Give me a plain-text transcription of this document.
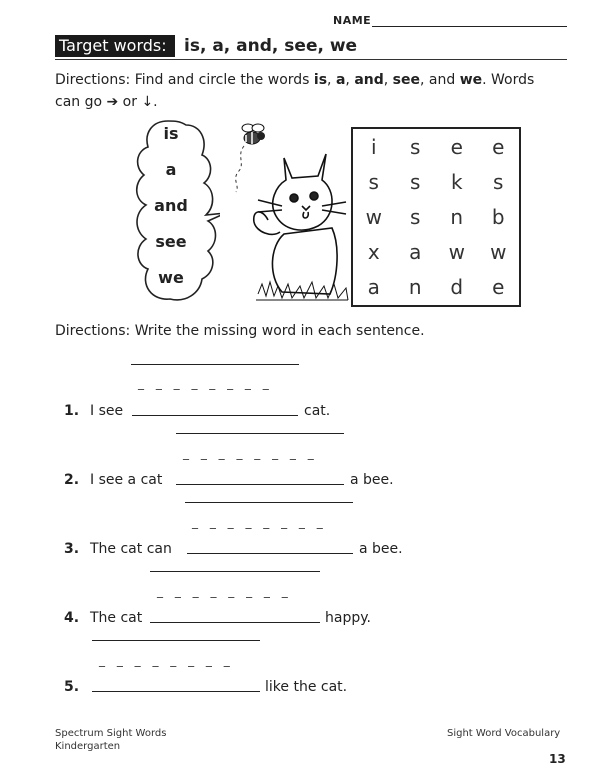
NAME
Target words:	is, a, and, see, we
Directions: Find and circle the words is, a, and, see, and we. Words
can go ➔ or ↓.
is
a
and
see
we
i	s	e	e
s	s	k	s
w	s	n	b
x	a	w	w
a	n	d	e
Directions: Write the missing word in each sentence.
_ _ _ _ _ _ _ _
1. I see	cat.
_ _ _ _ _ _ _ _
2. I see a cat	a bee.
_ _ _ _ _ _ _ _
3. The cat can	a bee.
_ _ _ _ _ _ _ _
4. The cat	happy.
_ _ _ _ _ _ _ _
5.	like the cat.
Spectrum Sight Words
Kindergarten
Sight Word Vocabulary
13
